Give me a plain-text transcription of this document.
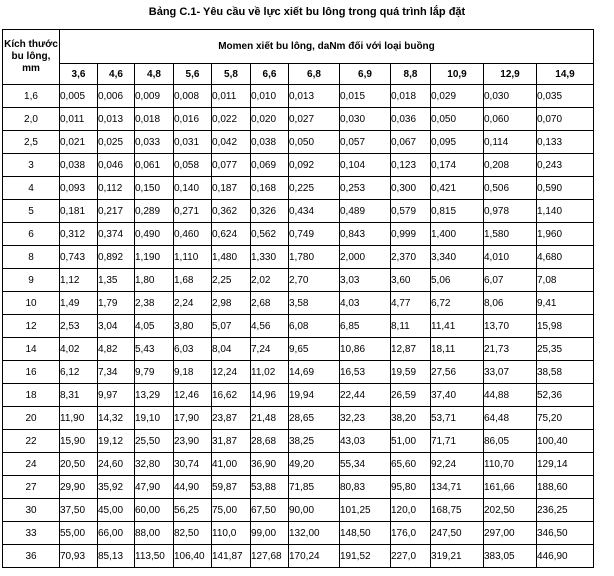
Bảng C.1- Yêu cầu về lực xiết bu lông trong quá trình lắp đặt
Kích thước bu lông, mm	Momen xiết bu lông, daNm đối với loại buồng											
	3,6	4,6	4,8	5,6	5,8	6,6	6,8	6,9	8,8	10,9	12,9	14,9
1,6	0,005	0,006	0,009	0,008	0,011	0,010	0,013	0,015	0,018	0,029	0,030	0,035
2,0	0,011	0,013	0,018	0,016	0,022	0,020	0,027	0,030	0,036	0,050	0,060	0,070
2,5	0,021	0,025	0,033	0,031	0,042	0,038	0,050	0,057	0,067	0,095	0,114	0,133
3	0,038	0,046	0,061	0,058	0,077	0,069	0,092	0,104	0,123	0,174	0,208	0,243
4	0,093	0,112	0,150	0,140	0,187	0,168	0,225	0,253	0,300	0,421	0,506	0,590
5	0,181	0,217	0,289	0,271	0,362	0,326	0,434	0,489	0,579	0,815	0,978	1,140
6	0,312	0,374	0,490	0,460	0,624	0,562	0,749	0,843	0,999	1,400	1,580	1,960
8	0,743	0,892	1,190	1,110	1,480	1,330	1,780	2,000	2,370	3,340	4,010	4,680
9	1,12	1,35	1,80	1,68	2,25	2,02	2,70	3,03	3,60	5,06	6,07	7,08
10	1,49	1,79	2,38	2,24	2,98	2,68	3,58	4,03	4,77	6,72	8,06	9,41
12	2,53	3,04	4,05	3,80	5,07	4,56	6,08	6,85	8,11	11,41	13,70	15,98
14	4,02	4,82	5,43	6,03	8,04	7,24	9,65	10,86	12,87	18,11	21,73	25,35
16	6,12	7,34	9,79	9,18	12,24	11,02	14,69	16,53	19,59	27,56	33,07	38,58
18	8,31	9,97	13,29	12,46	16,62	14,96	19,94	22,44	26,59	37,40	44,88	52,36
20	11,90	14,32	19,10	17,90	23,87	21,48	28,65	32,23	38,20	53,71	64,48	75,20
22	15,90	19,12	25,50	23,90	31,87	28,68	38,25	43,03	51,00	71,71	86,05	100,40
24	20,50	24,60	32,80	30,74	41,00	36,90	49,20	55,34	65,60	92,24	110,70	129,14
27	29,90	35,92	47,90	44,90	59,87	53,88	71,85	80,83	95,80	134,71	161,66	188,60
30	37,50	45,00	60,00	56,25	75,00	67,50	90,00	101,25	120,0	168,75	202,50	236,25
33	55,00	66,00	88,00	82,50	110,0	99,00	132,00	148,50	176,0	247,50	297,00	346,50
36	70,93	85,13	113,50	106,40	141,87	127,68	170,24	191,52	227,0	319,21	383,05	446,90
